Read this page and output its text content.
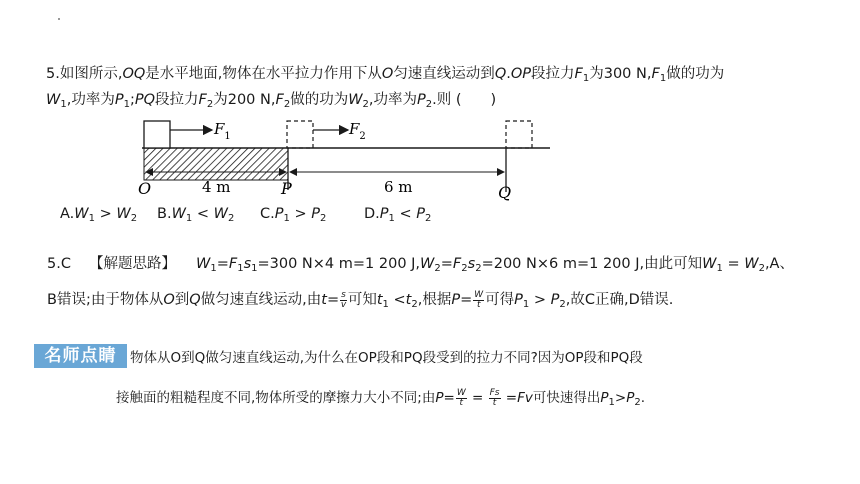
5.如图所示,OQ是水平地面,物体在水平拉力作用下从O匀速直线运动到Q.OP段拉力$F_1$为300 $N,F_1$做的功为
$W_1$,功率为$P_1;PQ$段拉力$F_2$为200 $N,F_2$做的功为$W_2$,功率为$P_2$.则 (　　)
$F_1$	$F_2$
O	P	Q
4 m	6 m
$A.W_1 > W_2$ $B.W_1 < W_2$ $C.P_1 > P_2$	$D.P_1 < P_2$
5.C 【解题思路】 $W_1=F_1s_1=300$ N×4 m=1 200 $J,W_2=F_2s_2=200$ N×6 m=1 200 J,由此可知$W_1 = W_2,A$、
B错误;由于物体从O到Q做匀速直线运动,由$t= \frac{s}{v}$ 可知$t_1 <t_2$,根据$P= \frac{W}{t}$ 可得$P_1 > P_2$,故C正确,D错误.
名师点睛	物体从O到Q做匀速直线运动,为什么在OP段和PQ段受到的拉力不同?因为OP段和PQ段
接触面的粗糙程度不同,物体所受的摩擦力大小不同;由$P= \frac{W}{t} = \frac{Fs}{t} =Fv$可快速得出$P_1>P_2$.
